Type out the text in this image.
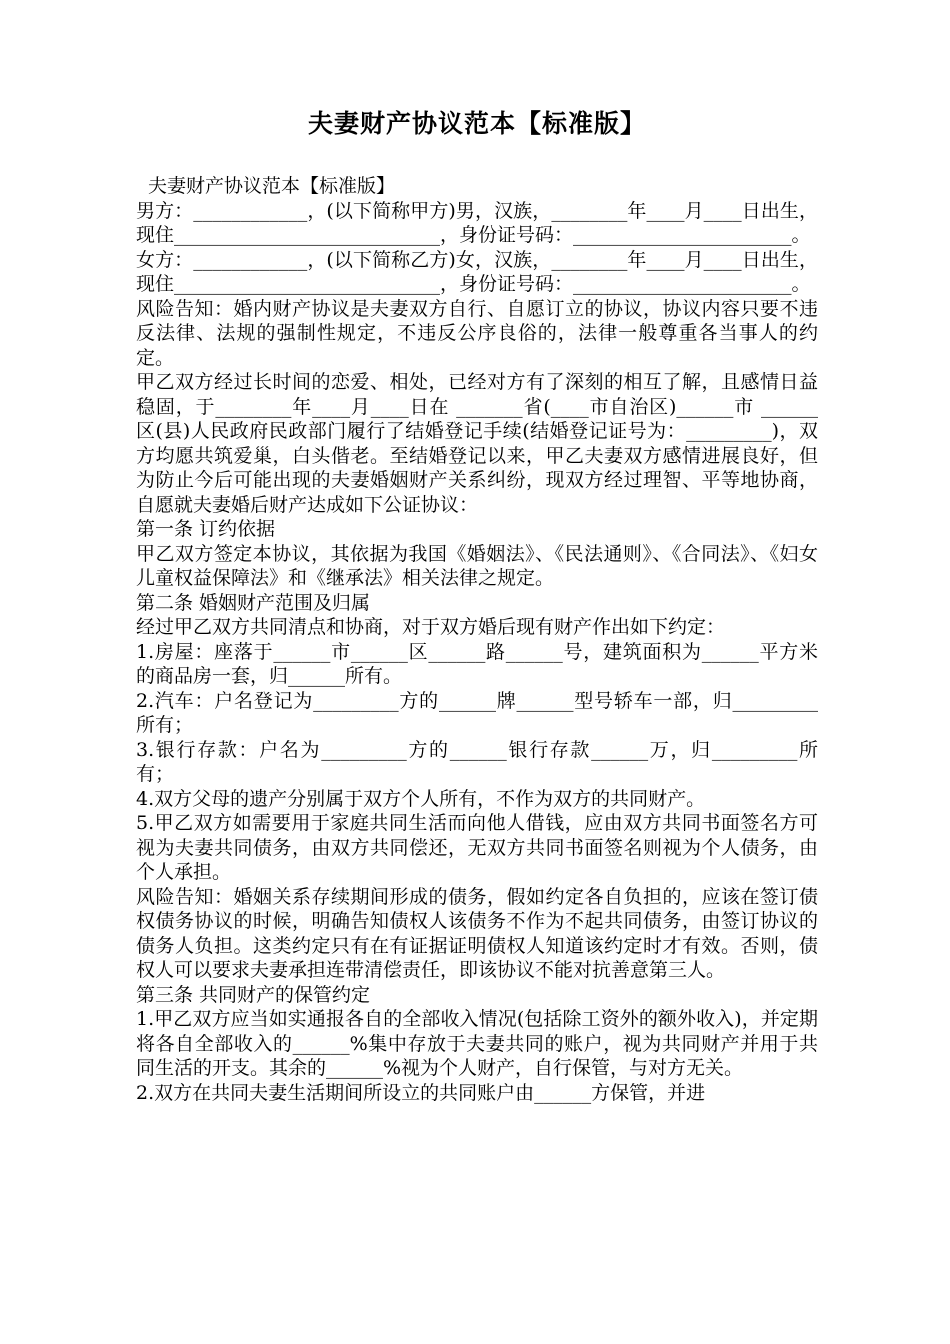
夫妻财产协议范本【标准版】

夫妻财产协议范本【标准版】

男方：____________，(以下简称甲方)男，汉族，________年____月____日出生，现住____________________________，身份证号码：_______________________。

女方：____________，(以下简称乙方)女，汉族，________年____月____日出生，现住____________________________，身份证号码：_______________________。

风险告知：婚内财产协议是夫妻双方自行、自愿订立的协议，协议内容只要不违反法律、法规的强制性规定，不违反公序良俗的，法律一般尊重各当事人的约定。

甲乙双方经过长时间的恋爱、相处，已经对方有了深刻的相互了解，且感情日益稳固，于________年____月____日在 _______省(____市自治区)______市 ______区(县)人民政府民政部门履行了结婚登记手续(结婚登记证号为：_________)，双方均愿共筑爱巢，白头偕老。至结婚登记以来，甲乙夫妻双方感情进展良好，但为防止今后可能出现的夫妻婚姻财产关系纠纷，现双方经过理智、平等地协商，自愿就夫妻婚后财产达成如下公证协议：

第一条 订约依据

甲乙双方签定本协议，其依据为我国《婚姻法》、《民法通则》、《合同法》、《妇女儿童权益保障法》和《继承法》相关法律之规定。

第二条 婚姻财产范围及归属

经过甲乙双方共同清点和协商，对于双方婚后现有财产作出如下约定：

1.房屋：座落于______市______区______路______号，建筑面积为______平方米的商品房一套，归______所有。

2.汽车：户名登记为_________方的______牌______型号轿车一部，归_________所有；

3.银行存款：户名为_________方的______银行存款______万，归_________所有；

4.双方父母的遗产分别属于双方个人所有，不作为双方的共同财产。

5.甲乙双方如需要用于家庭共同生活而向他人借钱，应由双方共同书面签名方可视为夫妻共同债务，由双方共同偿还，无双方共同书面签名则视为个人债务，由个人承担。

风险告知：婚姻关系存续期间形成的债务，假如约定各自负担的，应该在签订债权债务协议的时候，明确告知债权人该债务不作为不起共同债务，由签订协议的债务人负担。这类约定只有在有证据证明债权人知道该约定时才有效。否则，债权人可以要求夫妻承担连带清偿责任，即该协议不能对抗善意第三人。

第三条 共同财产的保管约定

1.甲乙双方应当如实通报各自的全部收入情况(包括除工资外的额外收入)，并定期将各自全部收入的______%集中存放于夫妻共同的账户，视为共同财产并用于共同生活的开支。其余的______%视为个人财产，自行保管，与对方无关。

2.双方在共同夫妻生活期间所设立的共同账户由______方保管，并进
